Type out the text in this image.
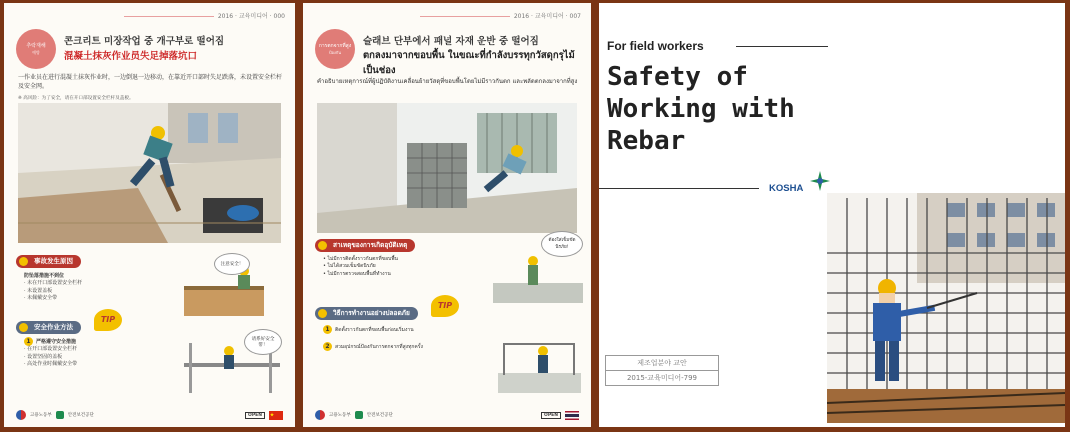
2016 · 교육미디어 · 000
추락재해
예방
콘크리트 미장작업 중 개구부로 떨어짐
混凝土抹灰作业员失足掉落坑口
一作业员在进行混凝土抹灰作业时，一边倒退一边移动，在靠近开口部时失足跌落，未设置安全栏杆及安全网。
※ 高风险：为了安全，请在开口部设置安全栏杆及盖板。
事故发生原因
防坠落措施不到位
· 未在开口部设置安全栏杆
· 未设置盖板
· 未佩戴安全带
注意安全！
安全作业方法
TIP
1 严格遵守安全措施
· 在开口部设置安全栏杆
· 设置坚固的盖板
· 高处作业时佩戴安全带
请系好安全带！
고용노동부	안전보건공단	OPEN
2016 · 교육미디어 · 007
การตกจากที่สูง
ป้องกัน
슬래브 단부에서 패널 자재 운반 중 떨어짐
ตกลงมาจากขอบพื้น ในขณะที่กำลังบรรทุกวัสดุกรุไม้เป็นช่อง
คำอธิบายเหตุการณ์ที่ผู้ปฏิบัติงานเคลื่อนย้ายวัสดุที่ขอบพื้นโดยไม่มีราวกันตก และพลัดตกลงมาจากที่สูง
สาเหตุของการเกิดอุบัติเหตุ
• ไม่มีการติดตั้งราวกันตกที่ขอบพื้น
• ไม่ได้สวมเข็มขัดนิรภัย
• ไม่มีการตรวจสอบพื้นที่ทำงาน
ต้องใส่เข็มขัดนิรภัย!
วิธีการทำงานอย่างปลอดภัย
TIP
1 ติดตั้งราวกันตกที่ขอบพื้นก่อนเริ่มงาน
2 สวมอุปกรณ์ป้องกันการตกจากที่สูงทุกครั้ง
고용노동부	안전보건공단	OPEN
For field workers
Safety of
Working with
Rebar
KOSHA
제조업분야 교안
2015-교육미디어-799
